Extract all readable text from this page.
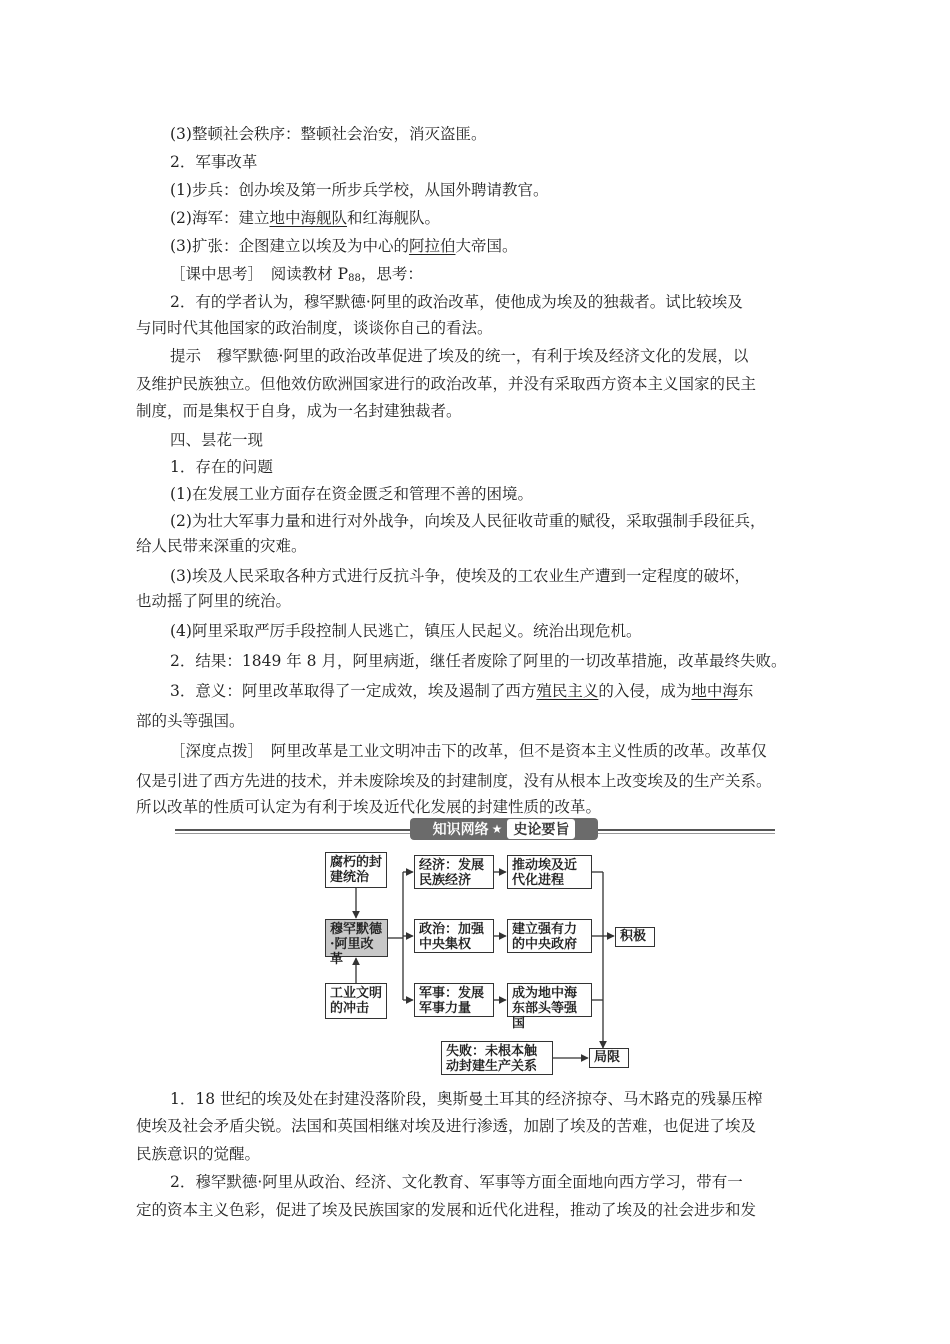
(3)整顿社会秩序：整顿社会治安，消灭盗匪。
2．军事改革
(1)步兵：创办埃及第一所步兵学校，从国外聘请教官。
(2)海军：建立地中海舰队和红海舰队。
(3)扩张：企图建立以埃及为中心的阿拉伯大帝国。
［课中思考］　阅读教材 $P_{88}$，思考：
2．有的学者认为，穆罕默德·阿里的政治改革，使他成为埃及的独裁者。试比较埃及
与同时代其他国家的政治制度，谈谈你自己的看法。
提示　穆罕默德·阿里的政治改革促进了埃及的统一，有利于埃及经济文化的发展，以
及维护民族独立。但他效仿欧洲国家进行的政治改革，并没有采取西方资本主义国家的民主
制度，而是集权于自身，成为一名封建独裁者。
四、昙花一现
1．存在的问题
(1)在发展工业方面存在资金匮乏和管理不善的困境。
(2)为壮大军事力量和进行对外战争，向埃及人民征收苛重的赋役，采取强制手段征兵，
给人民带来深重的灾难。
(3)埃及人民采取各种方式进行反抗斗争，使埃及的工农业生产遭到一定程度的破坏，
也动摇了阿里的统治。
(4)阿里采取严厉手段控制人民逃亡，镇压人民起义。统治出现危机。
2．结果：1849 年 8 月，阿里病逝，继任者废除了阿里的一切改革措施，改革最终失败。
3．意义：阿里改革取得了一定成效，埃及遏制了西方殖民主义的入侵，成为地中海东
部的头等强国。
［深度点拨］　阿里改革是工业文明冲击下的改革，但不是资本主义性质的改革。改革仅
仅是引进了西方先进的技术，并未废除埃及的封建制度，没有从根本上改变埃及的生产关系。
知识网络 ★ 史论要旨
腐朽的封建统治
穆罕默德·阿里改革
工业文明的冲击
经济：发展民族经济
政治：加强中央集权
军事：发展军事力量
推动埃及近代化进程
建立强有力的中央政府
成为地中海东部头等强国
积极
失败：未根本触动封建生产关系
局限
1．18 世纪的埃及处在封建没落阶段，奥斯曼土耳其的经济掠夺、马木路克的残暴压榨
使埃及社会矛盾尖锐。法国和英国相继对埃及进行渗透，加剧了埃及的苦难，也促进了埃及
民族意识的觉醒。
2．穆罕默德·阿里从政治、经济、文化教育、军事等方面全面地向西方学习，带有一
定的资本主义色彩，促进了埃及民族国家的发展和近代化进程，推动了埃及的社会进步和发
所以改革的性质可认定为有利于埃及近代化发展的封建性质的改革。
